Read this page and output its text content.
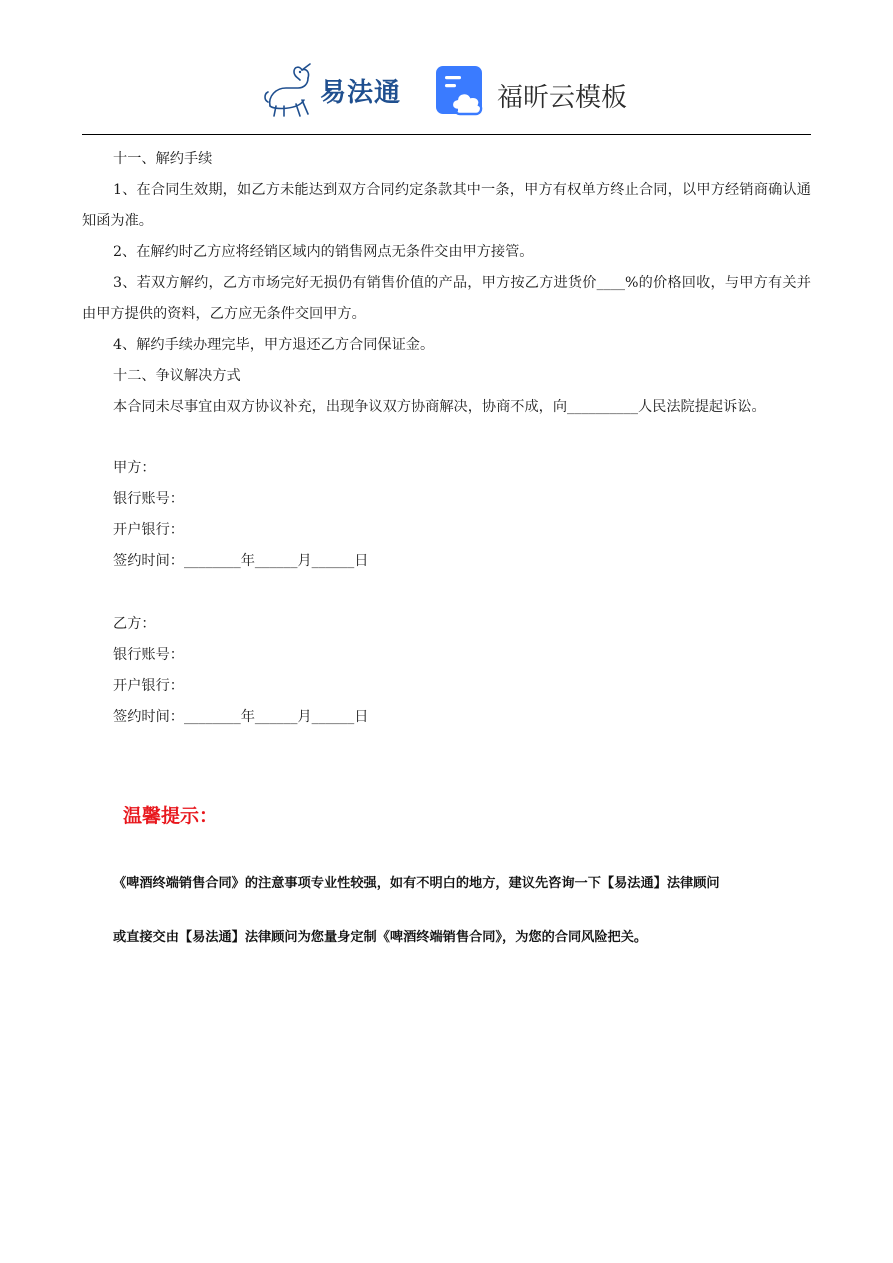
易法通	福昕云模板

十一、解约手续

1、在合同生效期，如乙方未能达到双方合同约定条款其中一条，甲方有权单方终止合同，以甲方经销商确认通知函为准。

2、在解约时乙方应将经销区域内的销售网点无条件交由甲方接管。

3、若双方解约，乙方市场完好无损仍有销售价值的产品，甲方按乙方进货价____%的价格回收，与甲方有关并由甲方提供的资料，乙方应无条件交回甲方。

4、解约手续办理完毕，甲方退还乙方合同保证金。

十二、争议解决方式

本合同未尽事宜由双方协议补充，出现争议双方协商解决，协商不成，向__________人民法院提起诉讼。

甲方：

银行账号：

开户银行：

签约时间：________年______月______日

乙方：

银行账号：

开户银行：

签约时间：________年______月______日

温馨提示：

《啤酒终端销售合同》的注意事项专业性较强，如有不明白的地方，建议先咨询一下【易法通】法律顾问

或直接交由【易法通】法律顾问为您量身定制《啤酒终端销售合同》，为您的合同风险把关。
